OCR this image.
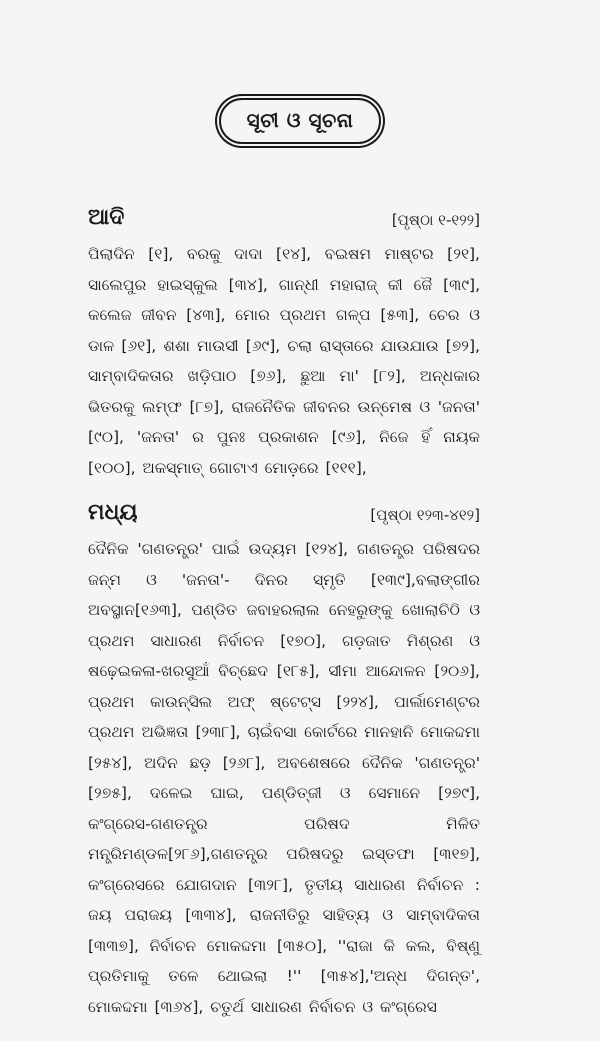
ସୂଚୀ ଓ ସୂଚନା
ଆଦି	[ପୃଷ୍ଠା ୧-୧୨୨]
ପିଲାଦିନ [୧], ବରକୁ ଦାଦା [୧୪], ବଇଷମ ମାଷ୍ଟର [୨୧], ସାଲେପୁର ହାଇସ୍କୁଲ [୩୪], ଗାନ୍ଧୀ ମହାରାଜ୍ କୀ ଜୈ [୩୯], କଲେଜ ଜୀବନ [୪୩], ମୋର ପ୍ରଥମ ଗଳ୍ପ [୫୩], ଚେର ଓ ଡାଳ [୬୧], ଶଶା ମାଉସୀ [୬୯], ଚଲା ରାସ୍ତାରେ ଯାଉଯାଉ [୭୨], ସାମ୍ବାଦିକତାର ଖଡ଼ିପାଠ [୭୬], ଛୁଆ ମା' [୮୨], ଅନ୍ଧକାର ଭିତରକୁ ଲମ୍ଫ [୮୭], ରାଜନୈତିକ ଜୀବନର ଉନ୍ମେଷ ଓ 'ଜନତା' [୯୦], 'ଜନତା' ର ପୁନଃ ପ୍ରକାଶନ [୯୬], ନିଜେ ହିଁ ନାୟକ [୧୦୦], ଅକସ୍ମାତ୍ ଗୋଟାଏ ମୋଡ଼ରେ [୧୧୧],
ମଧ୍ୟ	[ପୃଷ୍ଠା ୧୨୩-୪୧୨]
ଦୈନିକ 'ଗଣତନ୍ତ୍ର' ପାଇଁ ଉଦ୍ୟମ [୧୨୪], ଗଣତନ୍ତ୍ର ପରିଷଦର ଜନ୍ମ ଓ 'ଜନତା'- ଦିନର ସ୍ମୃତି [୧୩୯],ବଲାଙ୍ଗୀର ଅବସ୍ଥାନ[୧୬୩], ପଣ୍ଡିତ ଜବାହରଲାଲ ନେହରୁଙ୍କୁ ଖୋଲାଚିଠି ଓ ପ୍ରଥମ ସାଧାରଣ ନିର୍ବାଚନ [୧୭୦], ଗଡ଼ଜାତ ମିଶ୍ରଣ ଓ ଷଢ଼େଇକଳା-ଖରସୁଆଁ ବିଚ୍ଛେଦ [୧୮୫], ସୀମା ଆନ୍ଦୋଳନ [୨୦୬], ପ୍ରଥମ କାଉନ୍ସିଲ ଅଫ୍ ଷ୍ଟେଟ୍ସ [୨୨୪], ପାର୍ଲାମେଣ୍ଟର ପ୍ରଥମ ଅଭିଜ୍ଞତା [୨୩୮], ଚାଇଁବସା କୋର୍ଟରେ ମାନହାନି ମୋକଦ୍ଦମା [୨୫୪], ଅଦିନ ଛଡ଼ [୨୬୮], ଅବଶେଷରେ ଦୈନିକ 'ଗଣତନ୍ତ୍ର' [୨୭୫], ଦଳେଇ ଘାଇ, ପଣ୍ଡିତ୍‌ଜୀ ଓ ସେମାନେ [୨୭୯], କଂଗ୍ରେସ-ଗଣତନ୍ତ୍ର ପରିଷଦ ମିଳିତ ମନ୍ତ୍ରିମଣ୍ଡଳ[୨୮୬],ଗଣତନ୍ତ୍ର ପରିଷଦରୁ ଇସ୍ତଫା [୩୧୭], କଂଗ୍ରେସରେ ଯୋଗଦାନ [୩୨୮], ତୃତୀୟ ସାଧାରଣ ନିର୍ବାଚନ : ଜୟ ପରାଜୟ [୩୩୪], ରାଜନୀତିରୁ ସାହିତ୍ୟ ଓ ସାମ୍ବାଦିକତା [୩୩୭], ନିର୍ବାଚନ ମୋକଦ୍ଦମା [୩୫୦], ''ରାଜା କି କଲ, ବିଷ୍ଣୁ ପ୍ରତିମାକୁ ତଳେ ଥୋଇଲା !'' [୩୫୪],'ଅନ୍ଧ ଦିଗନ୍ତ', ମୋକଦ୍ଦମା [୩୬୪], ଚତୁର୍ଥ ସାଧାରଣ ନିର୍ବାଚନ ଓ କଂଗ୍ରେସ
